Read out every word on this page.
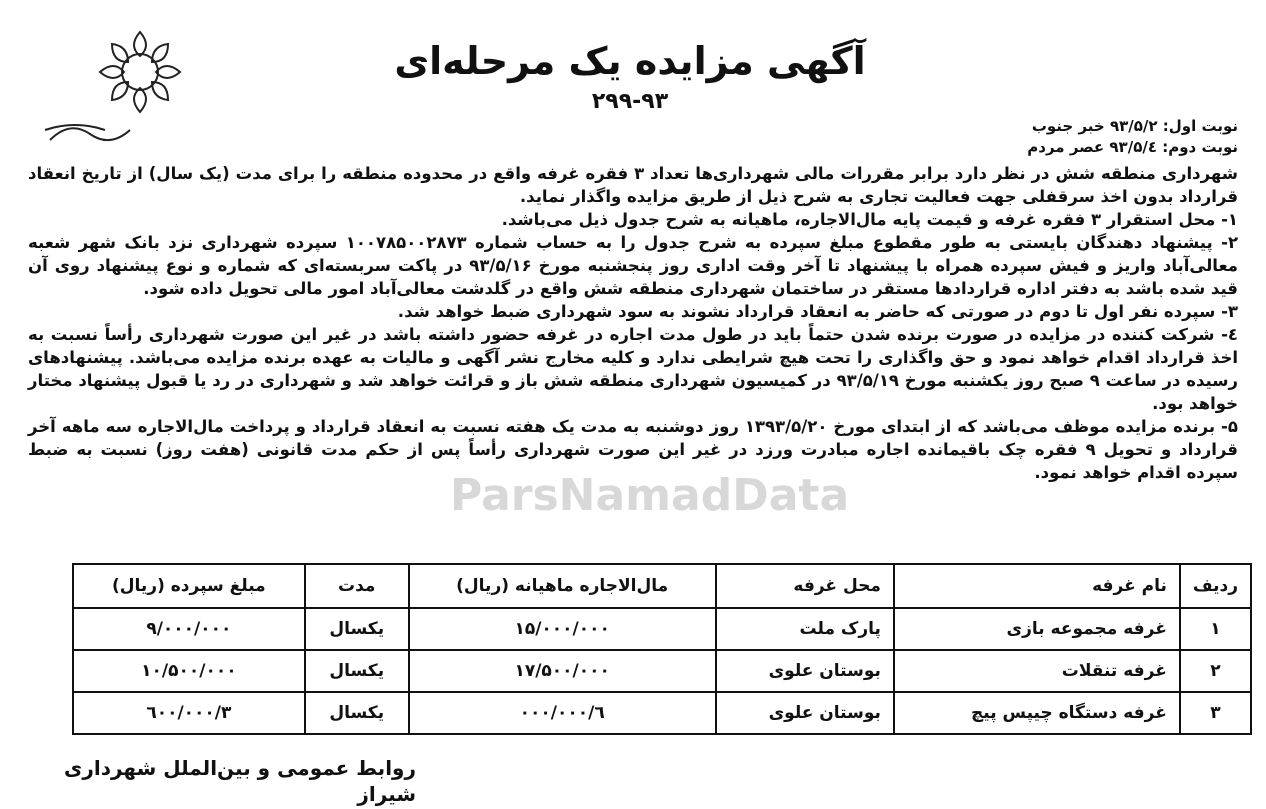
آگهی مزایده یک مرحله‌ای
۲۹۹-۹۳
نوبت اول: ۹۳/۵/۲ خبر جنوب
نوبت دوم: ۹۳/۵/٤ عصر مردم

شهرداری منطقه شش در نظر دارد برابر مقررات مالی شهرداری‌ها تعداد ۳ فقره غرفه واقع در محدوده منطقه را برای مدت (یک سال) از تاریخ انعقاد قرارداد بدون اخذ سرقفلی جهت فعالیت تجاری به شرح ذیل از طریق مزایده واگذار نماید.

۱- محل استقرار ۳ فقره غرفه و قیمت پایه مال‌الاجاره، ماهیانه به شرح جدول ذیل می‌باشد.

۲- پیشنهاد دهندگان بایستی به طور مقطوع مبلغ سپرده به شرح جدول را به حساب شماره ۱۰۰۷۸۵۰۰۲۸۷۳ سپرده شهرداری نزد بانک شهر شعبه معالی‌آباد واریز و فیش سپرده همراه با پیشنهاد تا آخر وقت اداری روز پنجشنبه مورخ ۹۳/۵/۱۶ در پاکت سربسته‌ای که شماره و نوع پیشنهاد روی آن قید شده باشد به دفتر اداره قراردادها مستقر در ساختمان شهرداری منطقه شش واقع در گلدشت معالی‌آباد امور مالی تحویل داده شود.

۳- سپرده نفر اول تا دوم در صورتی که حاضر به انعقاد قرارداد نشوند به سود شهرداری ضبط خواهد شد.

٤- شرکت کننده در مزایده در صورت برنده شدن حتماً باید در طول مدت اجاره در غرفه حضور داشته باشد در غیر این صورت شهرداری رأساً نسبت به اخذ قرارداد اقدام خواهد نمود و حق واگذاری را تحت هیچ شرایطی ندارد و کلیه مخارج نشر آگهی و مالیات به عهده برنده مزایده می‌باشد. پیشنهادهای رسیده در ساعت ۹ صبح روز یکشنبه مورخ ۹۳/۵/۱۹ در کمیسیون شهرداری منطقه شش باز و قرائت خواهد شد و شهرداری در رد یا قبول پیشنهاد مختار خواهد بود.

۵- برنده مزایده موظف می‌باشد که از ابتدای مورخ ۱۳۹۳/۵/۲۰ روز دوشنبه به مدت یک هفته نسبت به انعقاد قرارداد و پرداخت مال‌الاجاره سه ماهه آخر قرارداد و تحویل ۹ فقره چک باقیمانده اجاره مبادرت ورزد در غیر این صورت شهرداری رأساً پس از حکم مدت قانونی (هفت روز) نسبت به ضبط سپرده اقدام خواهد نمود.

ParsNamadData
ردیف	نام غرفه	محل غرفه	مال‌الاجاره ماهیانه (ریال)	مدت	مبلغ سپرده (ریال)
۱	غرفه مجموعه بازی	پارک ملت	۱۵/۰۰۰/۰۰۰	یکسال	۹/۰۰۰/۰۰۰
۲	غرفه تنقلات	بوستان علوی	۱۷/۵۰۰/۰۰۰	یکسال	۱۰/۵۰۰/۰۰۰
۳	غرفه دستگاه چیپس پیچ	بوستان علوی	٦/۰۰۰/۰۰۰	یکسال	۳/٦۰۰/۰۰۰
روابط عمومی و بین‌الملل شهرداری شیراز
